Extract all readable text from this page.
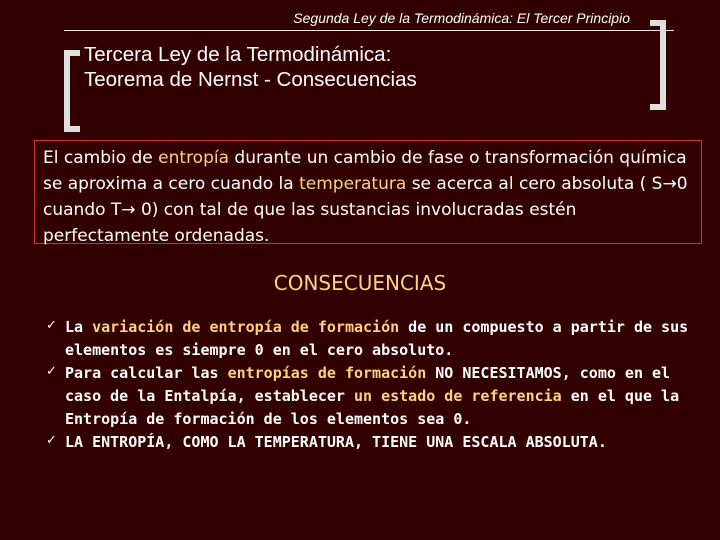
Segunda Ley de la Termodinámica: El Tercer Principio
Tercera Ley de la Termodinámica:
Teorema de Nernst - Consecuencias
El cambio de entropía durante un cambio de fase o transformación química se aproxima a cero cuando la temperatura se acerca al cero absoluta ( S→0 cuando T→ 0) con tal de que las sustancias involucradas estén perfectamente ordenadas.
CONSECUENCIAS
✓ La variación de entropía de formación de un compuesto a partir de sus elementos es siempre 0 en el cero absoluto.
✓ Para calcular las entropías de formación NO NECESITAMOS, como en el caso de la Entalpía, establecer un estado de referencia en el que la Entropía de formación de los elementos sea 0.
✓ LA ENTROPÍA, COMO LA TEMPERATURA, TIENE UNA ESCALA ABSOLUTA.
